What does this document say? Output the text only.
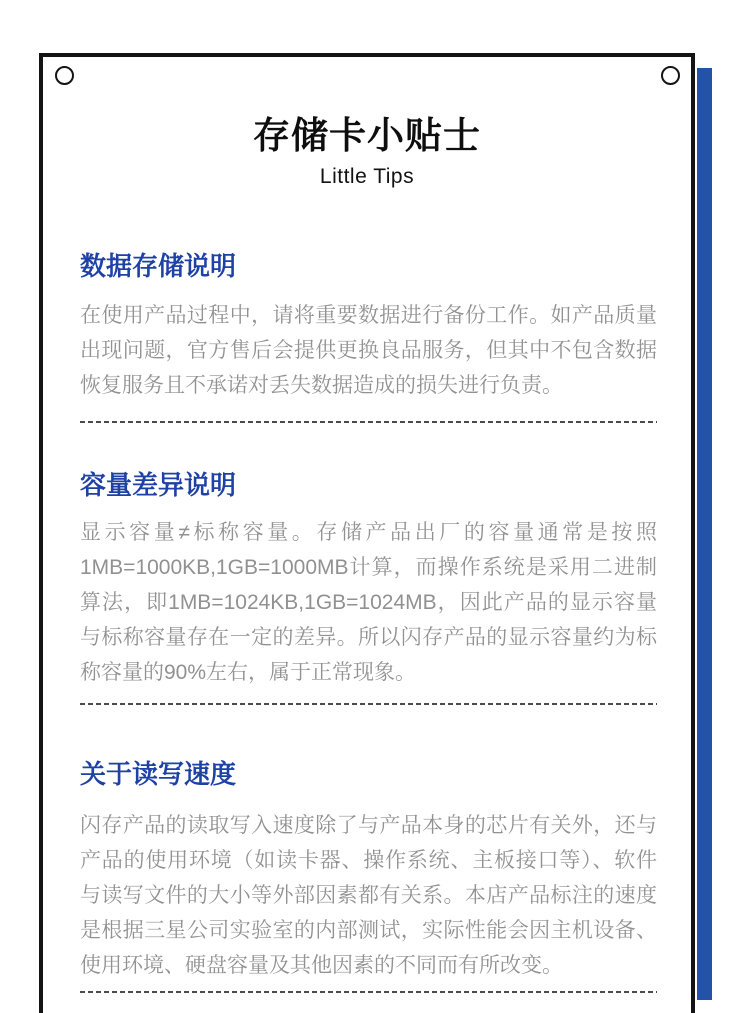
存储卡小贴士
Little Tips
数据存储说明

在使用产品过程中，请将重要数据进行备份工作。如产品质量出现问题，官方售后会提供更换良品服务，但其中不包含数据恢复服务且不承诺对丢失数据造成的损失进行负责。

容量差异说明

显示容量≠标称容量。存储产品出厂的容量通常是按照1MB=1000KB,1GB=1000MB计算，而操作系统是采用二进制算法，即1MB=1024KB,1GB=1024MB，因此产品的显示容量与标称容量存在一定的差异。所以闪存产品的显示容量约为标称容量的90%左右，属于正常现象。

关于读写速度

闪存产品的读取写入速度除了与产品本身的芯片有关外，还与产品的使用环境（如读卡器、操作系统、主板接口等）、软件与读写文件的大小等外部因素都有关系。本店产品标注的速度是根据三星公司实验室的内部测试，实际性能会因主机设备、使用环境、硬盘容量及其他因素的不同而有所改变。
